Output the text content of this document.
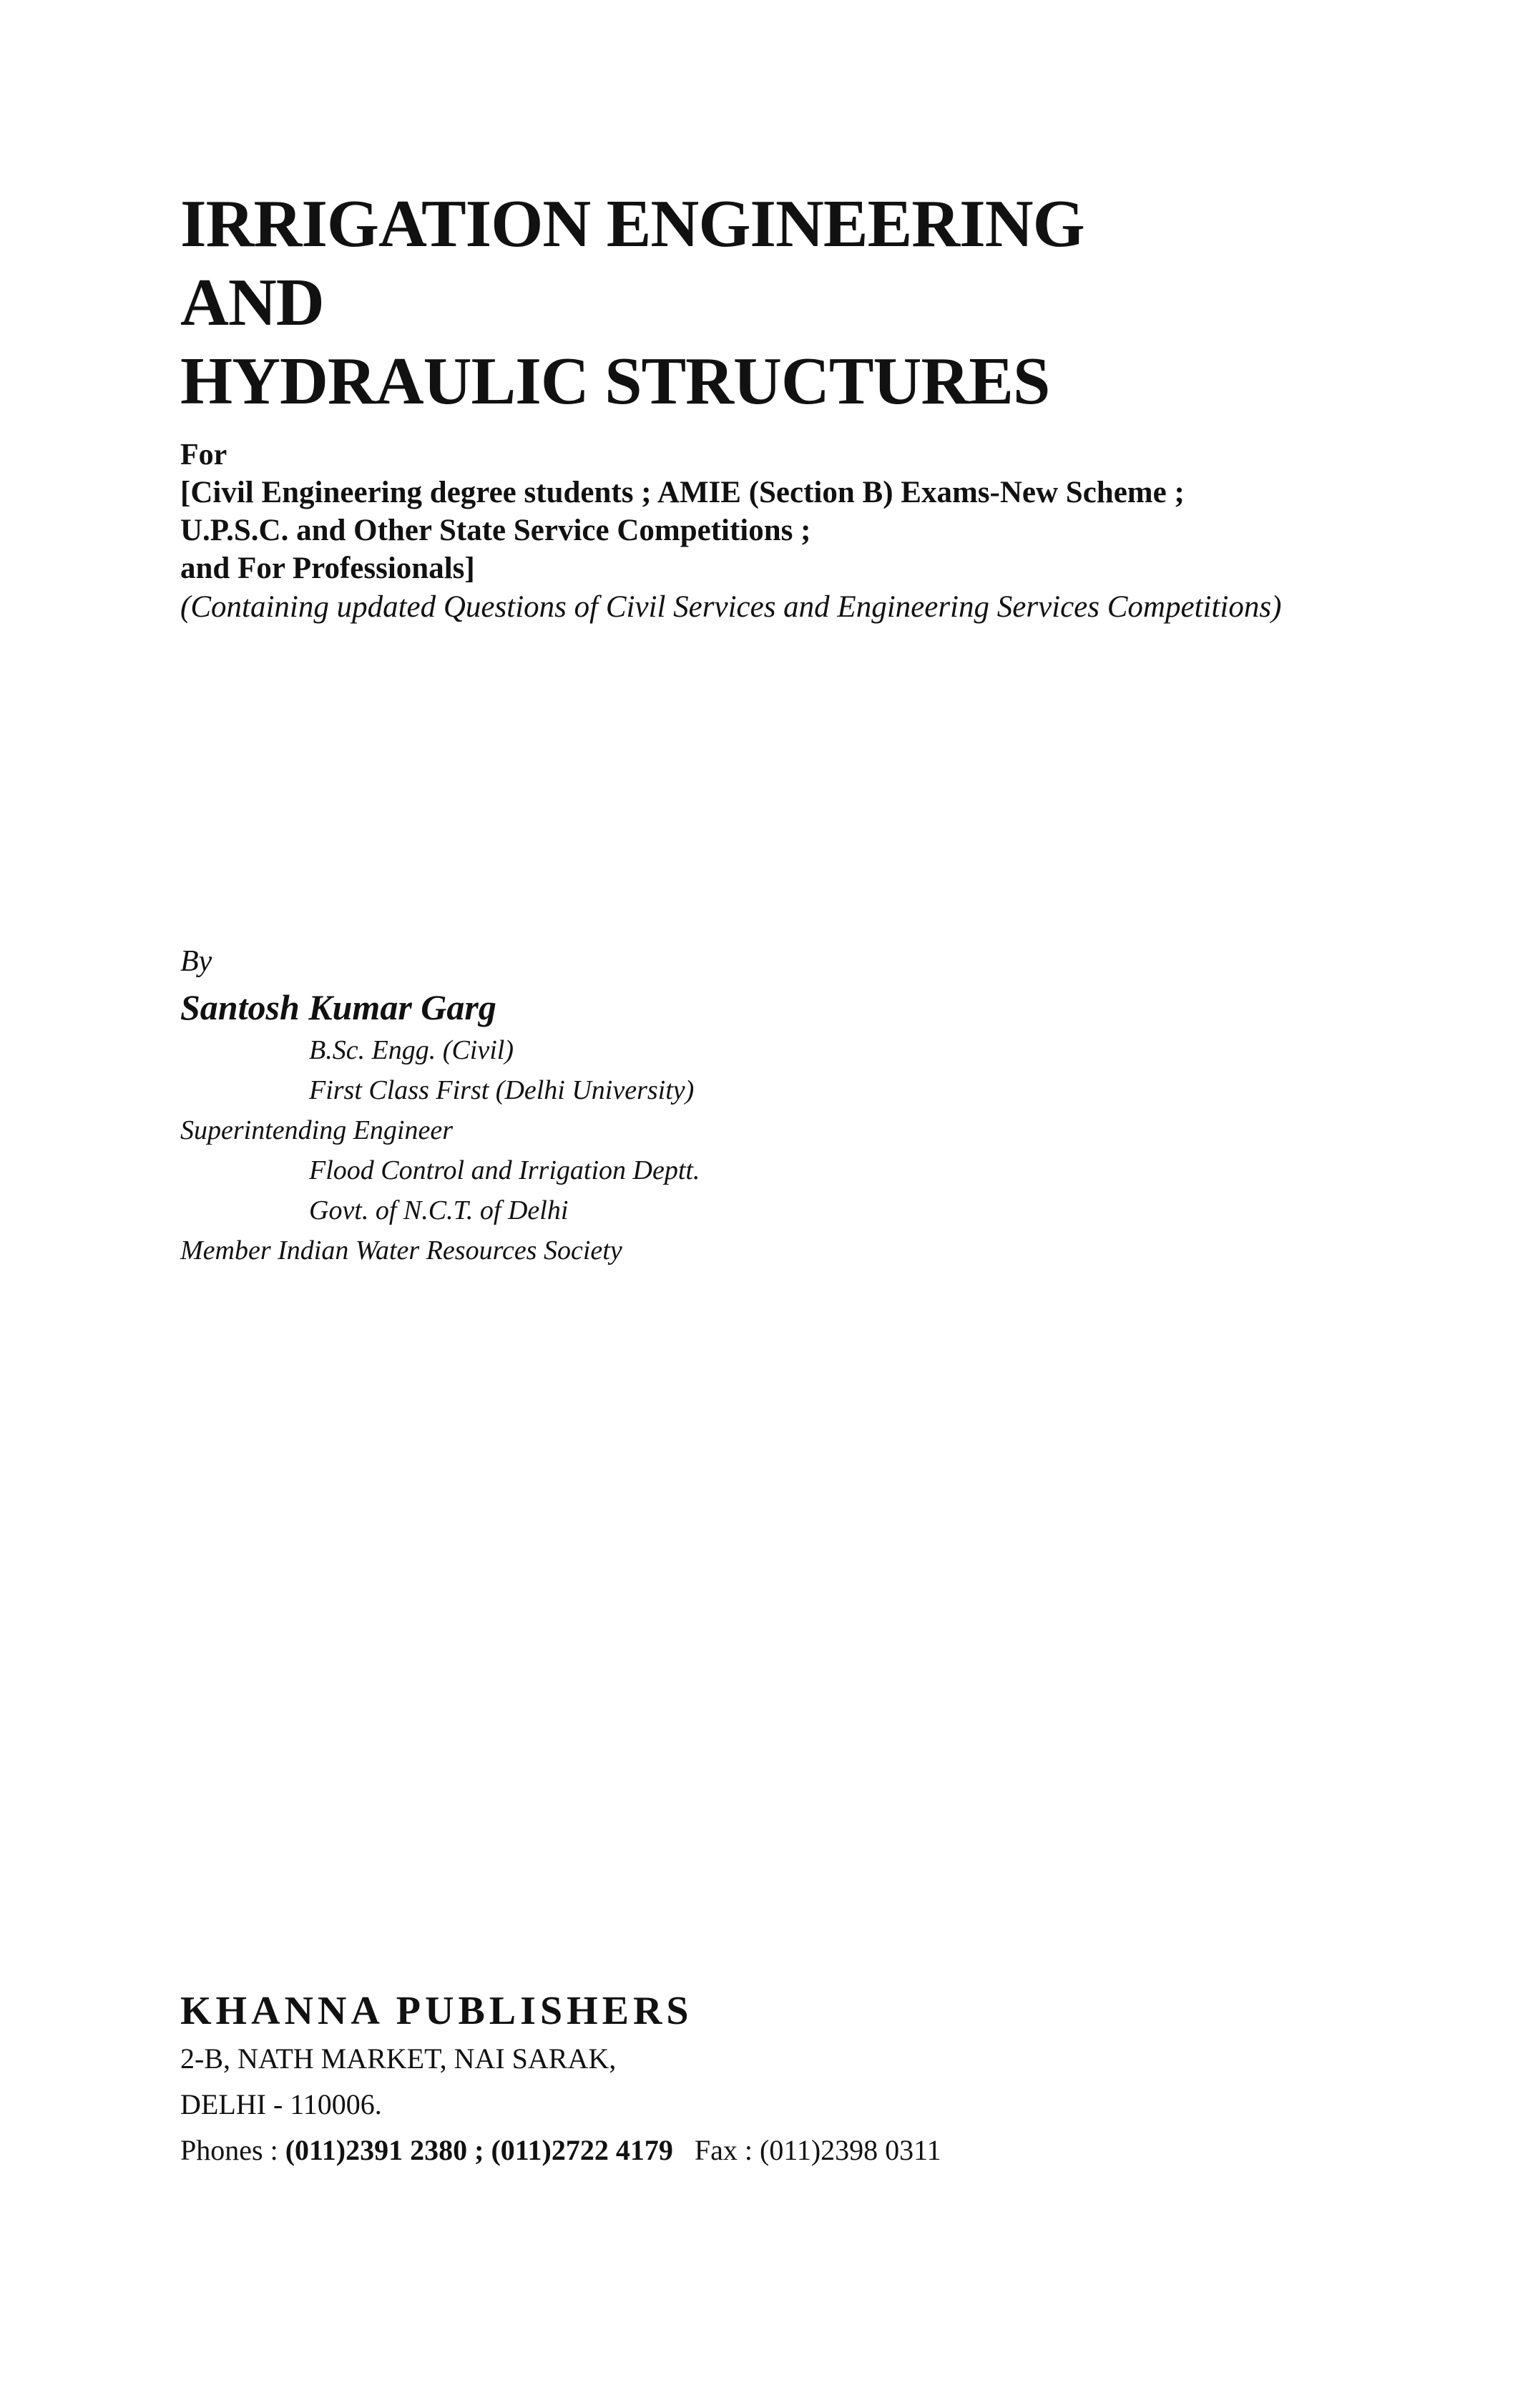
IRRIGATION ENGINEERING
AND
HYDRAULIC STRUCTURES
For
[Civil Engineering degree students ; AMIE (Section B) Exams-New Scheme ;
U.P.S.C. and Other State Service Competitions ;
and For Professionals]
(Containing updated Questions of Civil Services and Engineering Services Competitions)
By
Santosh Kumar Garg
B.Sc. Engg. (Civil)
First Class First (Delhi University)
Superintending Engineer
Flood Control and Irrigation Deptt.
Govt. of N.C.T. of Delhi
Member Indian Water Resources Society
KHANNA PUBLISHERS
2-B, NATH MARKET, NAI SARAK,
DELHI - 110006.
Phones : (011)2391 2380 ; (011)2722 4179 Fax : (011)2398 0311
